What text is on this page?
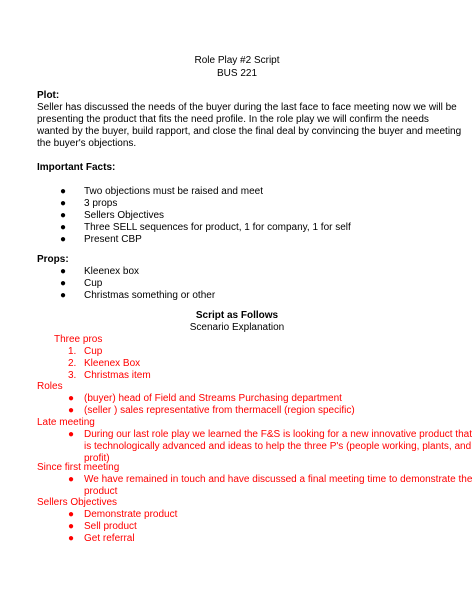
Role Play #2 Script
BUS 221
Plot:
Seller has discussed the needs of the buyer during the last face to face meeting now we will be
presenting the product that fits the need profile. In the role play we will confirm the needs
wanted by the buyer, build rapport, and close the final deal by convincing the buyer and meeting
the buyer's objections.
Important Facts:
● Two objections must be raised and meet
● 3 props
● Sellers Objectives
● Three SELL sequences for product, 1 for company, 1 for self
● Present CBP
Props:
● Kleenex box
● Cup
● Christmas something or other
Script as Follows
Scenario Explanation
Three pros
1. Cup
2. Kleenex Box
3. Christmas item
Roles
● (buyer) head of Field and Streams Purchasing department
● (seller ) sales representative from thermacell (region specific)
Late meeting
● During our last role play we learned the F&S is looking for a new innovative product that
is technologically advanced and ideas to help the three P's (people working, plants, and
profit)
Since first meeting
● We have remained in touch and have discussed a final meeting time to demonstrate the
product
Sellers Objectives
● Demonstrate product
● Sell product
● Get referral
